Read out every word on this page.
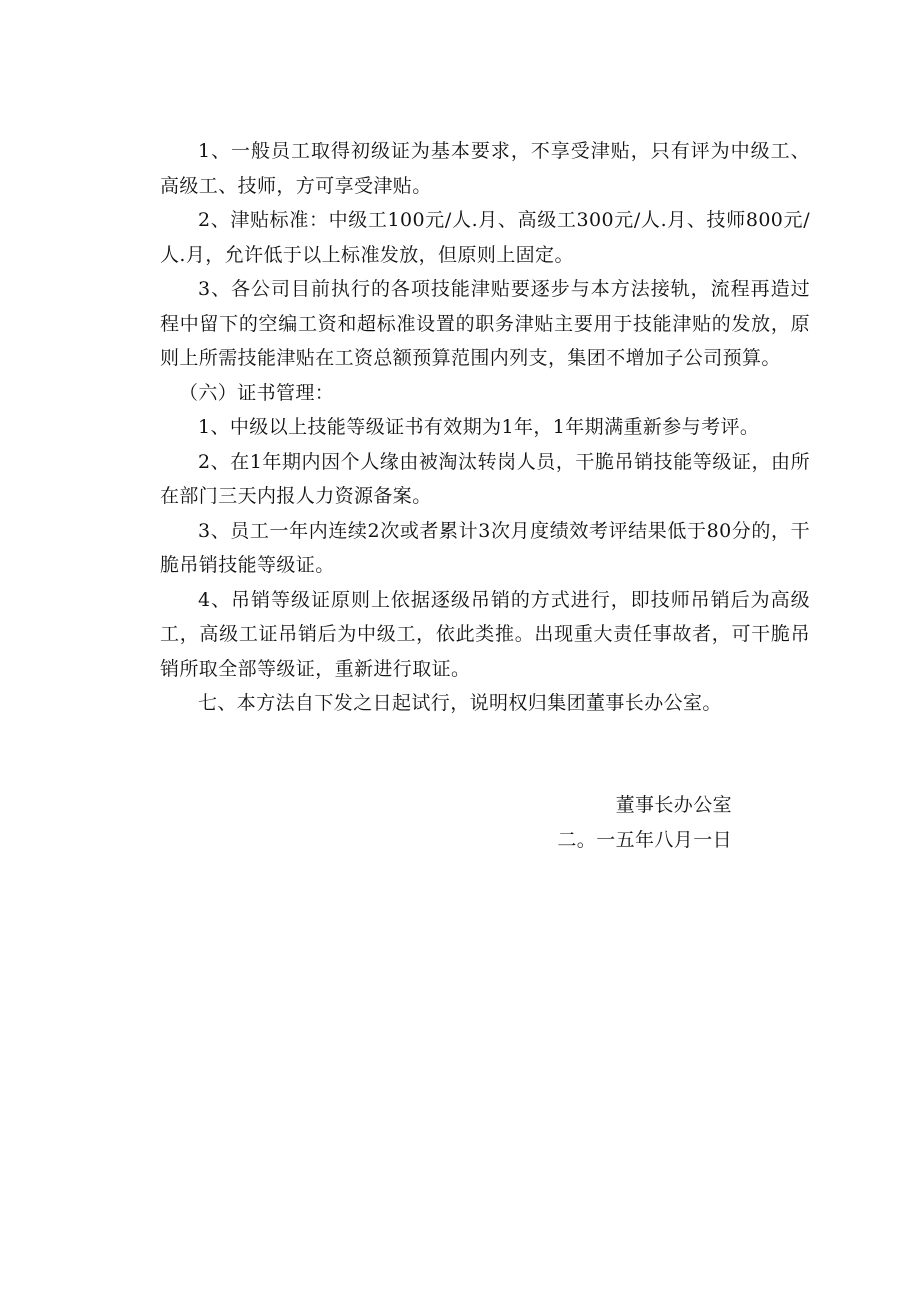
1、一般员工取得初级证为基本要求，不享受津贴，只有评为中级工、高级工、技师，方可享受津贴。

2、津贴标准：中级工100元/人.月、高级工300元/人.月、技师800元/人.月，允许低于以上标准发放，但原则上固定。

3、各公司目前执行的各项技能津贴要逐步与本方法接轨，流程再造过程中留下的空编工资和超标准设置的职务津贴主要用于技能津贴的发放，原则上所需技能津贴在工资总额预算范围内列支，集团不增加子公司预算。

（六）证书管理：

1、中级以上技能等级证书有效期为1年，1年期满重新参与考评。

2、在1年期内因个人缘由被淘汰转岗人员，干脆吊销技能等级证，由所在部门三天内报人力资源备案。

3、员工一年内连续2次或者累计3次月度绩效考评结果低于80分的，干脆吊销技能等级证。

4、吊销等级证原则上依据逐级吊销的方式进行，即技师吊销后为高级工，高级工证吊销后为中级工，依此类推。出现重大责任事故者，可干脆吊销所取全部等级证，重新进行取证。

七、本方法自下发之日起试行，说明权归集团董事长办公室。

董事长办公室

二。一五年八月一日
